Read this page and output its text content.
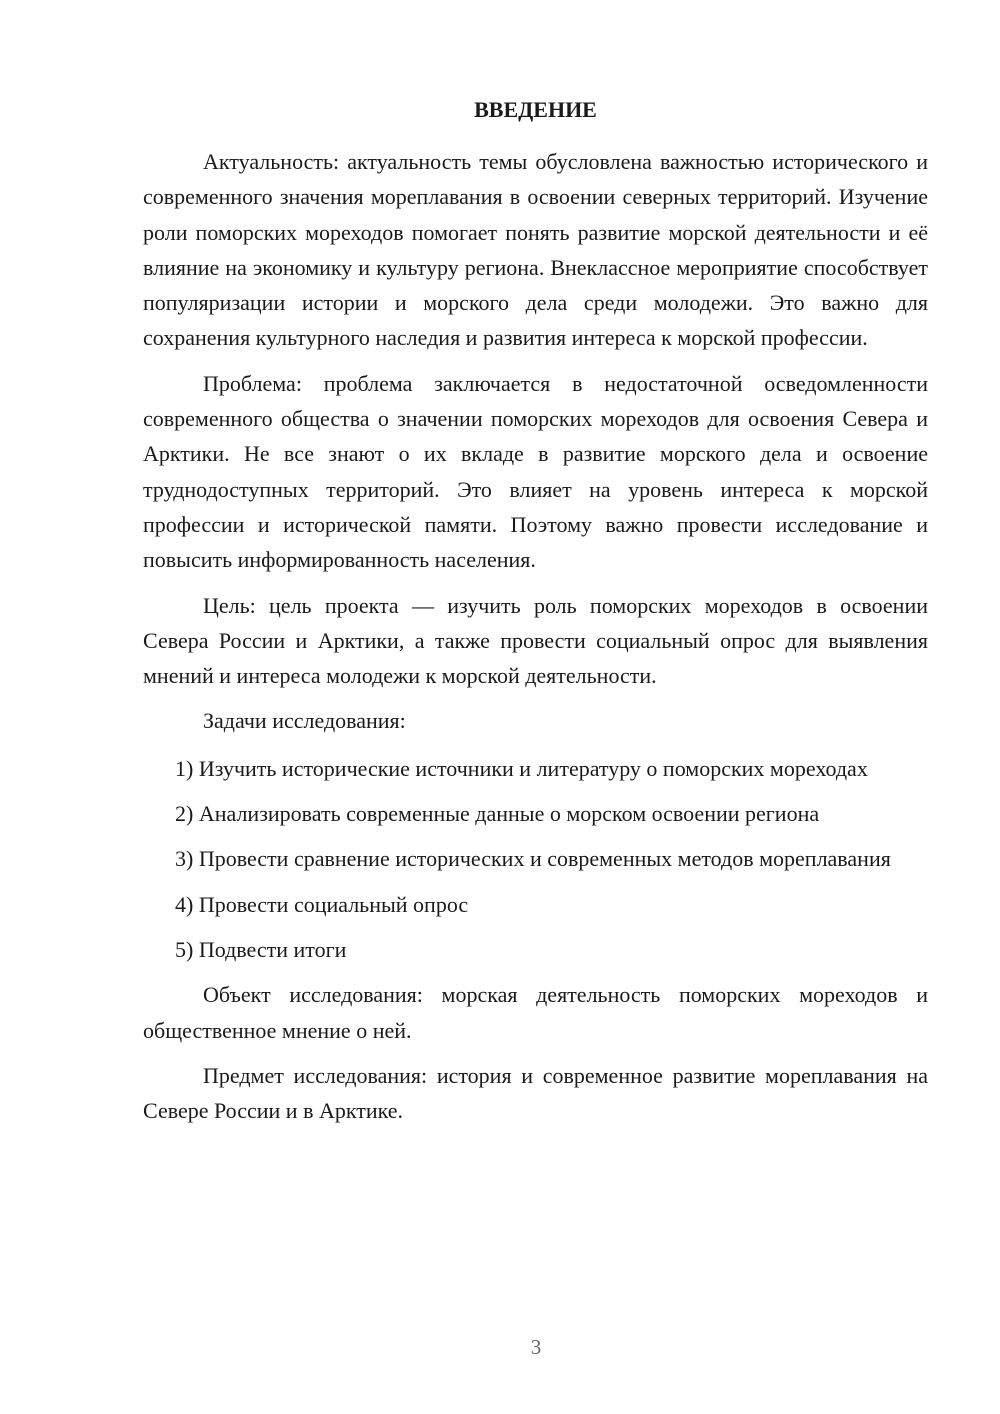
ВВЕДЕНИЕ

Актуальность: актуальность темы обусловлена важностью исторического и современного значения мореплавания в освоении северных территорий. Изучение роли поморских мореходов помогает понять развитие морской деятельности и её влияние на экономику и культуру региона. Внеклассное мероприятие способствует популяризации истории и морского дела среди молодежи. Это важно для сохранения культурного наследия и развития интереса к морской профессии.

Проблема: проблема заключается в недостаточной осведомленности современного общества о значении поморских мореходов для освоения Севера и Арктики. Не все знают о их вкладе в развитие морского дела и освоение труднодоступных территорий. Это влияет на уровень интереса к морской профессии и исторической памяти. Поэтому важно провести исследование и повысить информированность населения.

Цель: цель проекта — изучить роль поморских мореходов в освоении Севера России и Арктики, а также провести социальный опрос для выявления мнений и интереса молодежи к морской деятельности.

Задачи исследования:

1) Изучить исторические источники и литературу о поморских мореходах

2) Анализировать современные данные о морском освоении региона

3) Провести сравнение исторических и современных методов мореплавания

4) Провести социальный опрос

5) Подвести итоги

Объект исследования: морская деятельность поморских мореходов и общественное мнение о ней.

Предмет исследования: история и современное развитие мореплавания на Севере России и в Арктике.

3
